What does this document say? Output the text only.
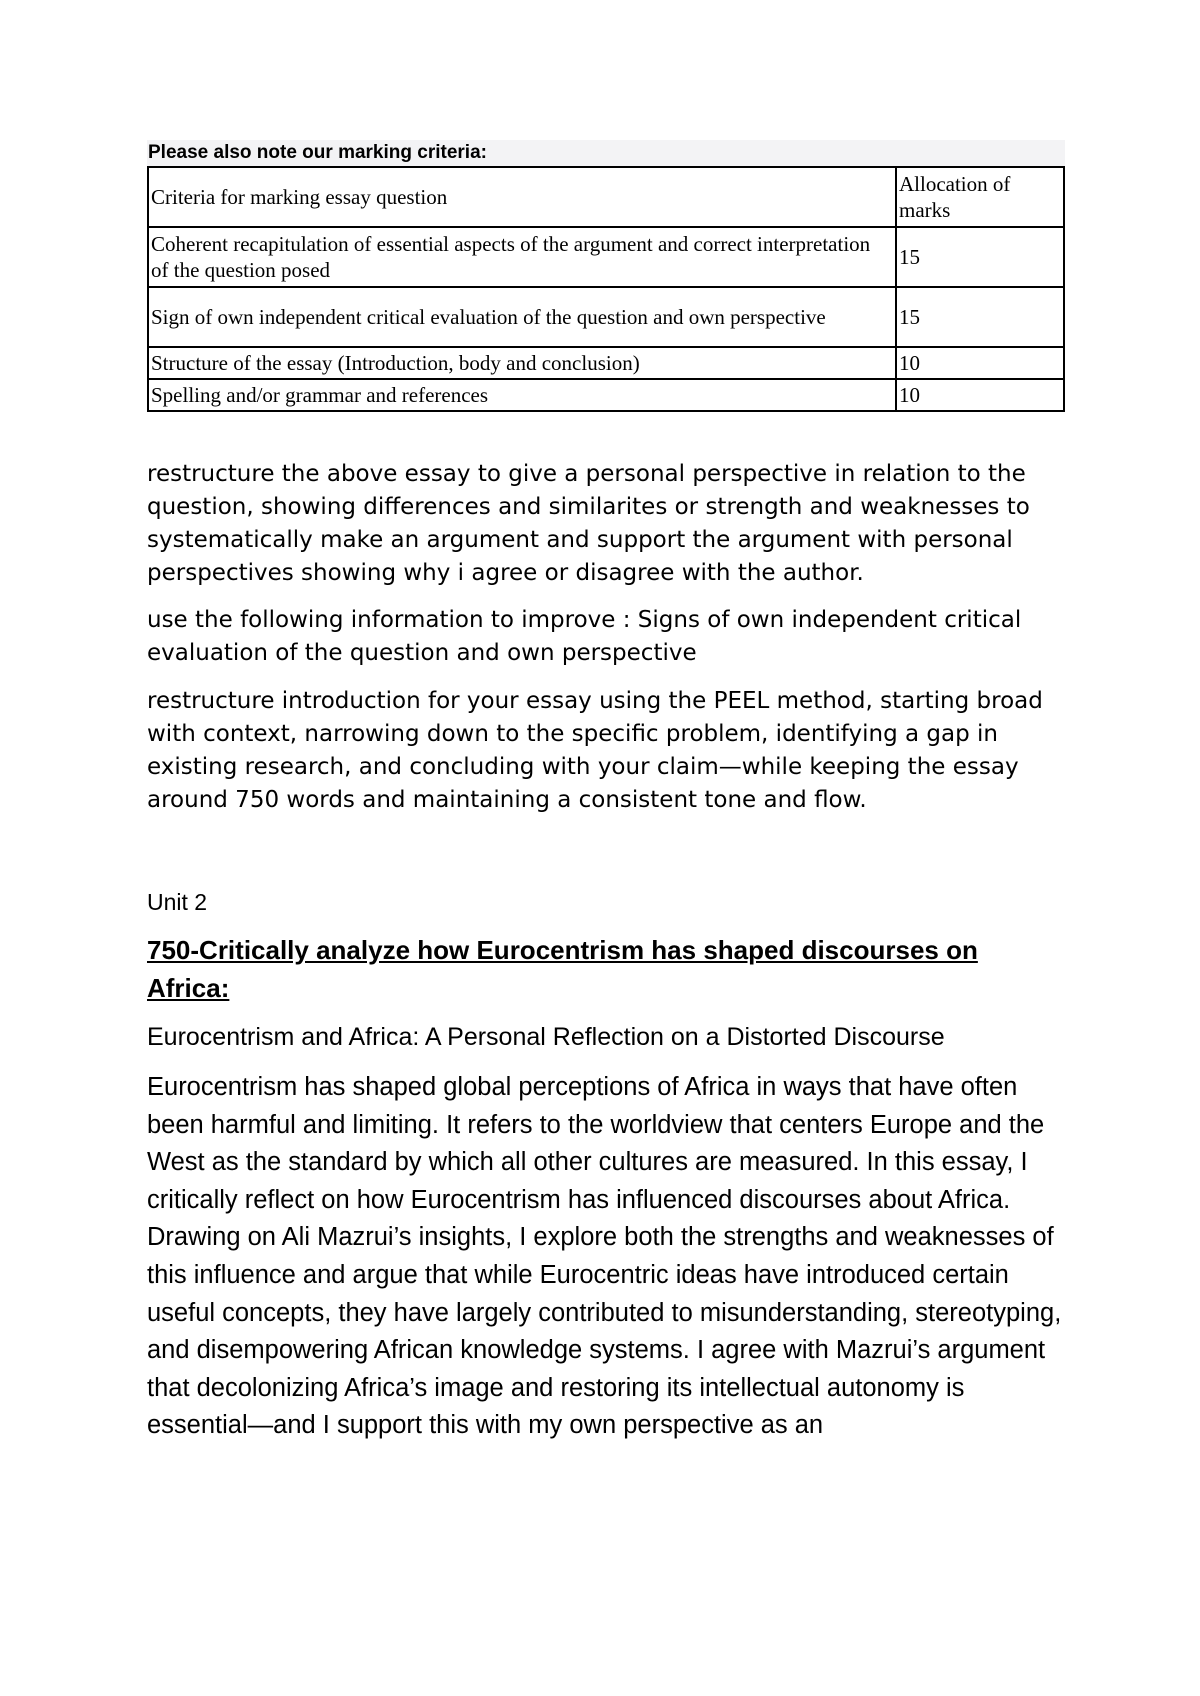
Please also note our marking criteria:
Criteria for marking essay question	Allocation of marks
Coherent recapitulation of essential aspects of the argument and correct interpretation of the question posed	15
Sign of own independent critical evaluation of the question and own perspective	15
Structure of the essay (Introduction, body and conclusion)	10
Spelling and/or grammar and references	10

restructure the above essay to give a personal perspective in relation to the question, showing differences and similarites or strength and weaknesses to systematically make an argument and support the argument with personal perspectives showing why i agree or disagree with the author.

use the following information to improve : Signs of own independent critical evaluation of the question and own perspective

restructure introduction for your essay using the PEEL method, starting broad with context, narrowing down to the specific problem, identifying a gap in existing research, and concluding with your claim—while keeping the essay around 750 words and maintaining a consistent tone and flow.

Unit 2

750-Critically analyze how Eurocentrism has shaped discourses on Africa:

Eurocentrism and Africa: A Personal Reflection on a Distorted Discourse

Eurocentrism has shaped global perceptions of Africa in ways that have often been harmful and limiting. It refers to the worldview that centers Europe and the West as the standard by which all other cultures are measured. In this essay, I critically reflect on how Eurocentrism has influenced discourses about Africa. Drawing on Ali Mazrui’s insights, I explore both the strengths and weaknesses of this influence and argue that while Eurocentric ideas have introduced certain useful concepts, they have largely contributed to misunderstanding, stereotyping, and disempowering African knowledge systems. I agree with Mazrui’s argument that decolonizing Africa’s image and restoring its intellectual autonomy is essential—and I support this with my own perspective as an
